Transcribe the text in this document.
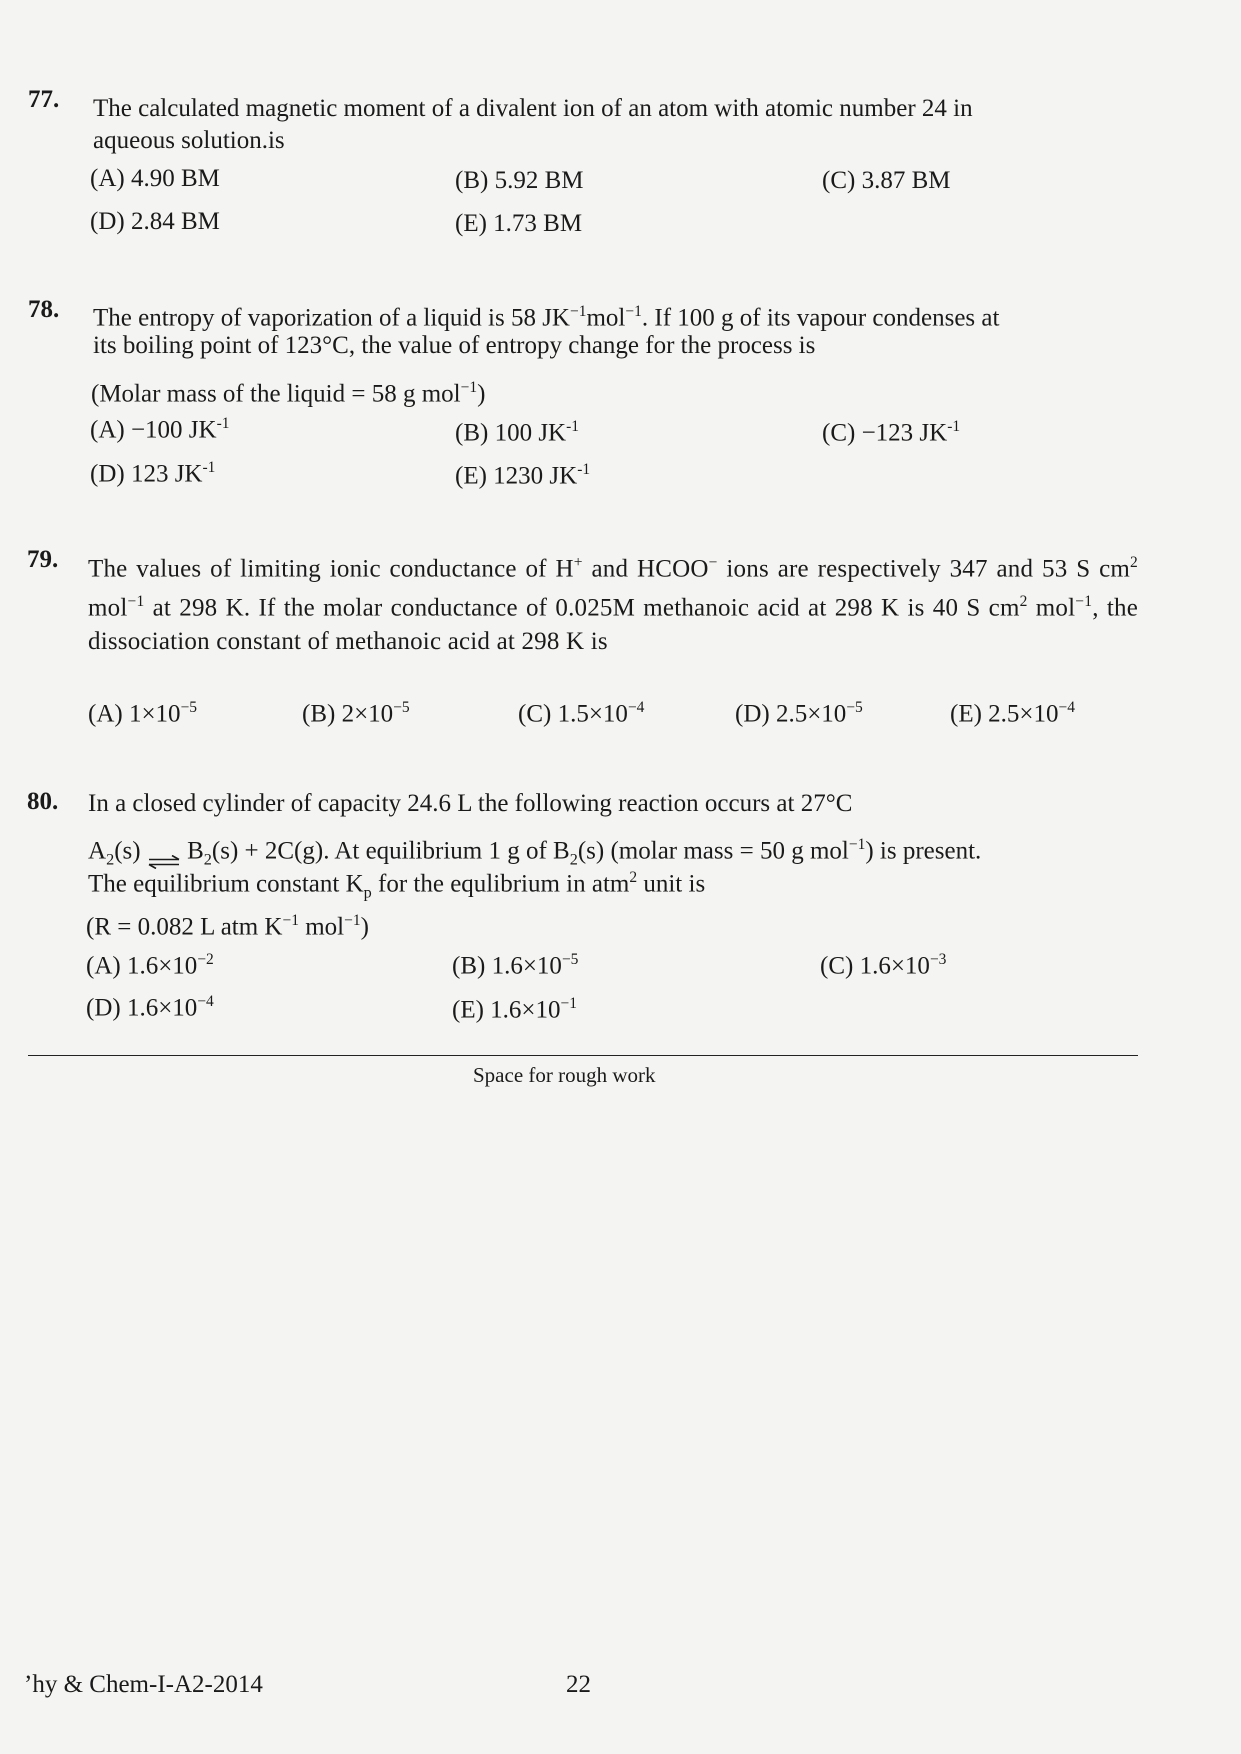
77. The calculated magnetic moment of a divalent ion of an atom with atomic number 24 in
aqueous solution.is
(A) 4.90 BM	(B) 5.92 BM	(C) 3.87 BM
(D) 2.84 BM	(E) 1.73 BM
78. The entropy of vaporization of a liquid is 58 $JK^{-1}mol^{-1}$. If 100 g of its vapour condenses at
its boiling point of 123°C, the value of entropy change for the process is
(Molar mass of the liquid = 58 g mol$^{-1}$)
(A) −100 $JK^{-1}$	(B) 100 $JK^{-1}$	(C) −123 $JK^{-1}$
(D) 123 $JK^{-1}$	(E) 1230 $JK^{-1}$
79. The values of limiting ionic conductance of H+ and HCOO− ions are respectively 347 and 53 S $cm^2$ mol$^{-1}$ at 298 K. If the molar conductance of 0.025M methanoic acid at 298 K is 40 S $cm^2$ mol$^{-1}$, the dissociation constant of methanoic acid at 298 K is
(A) $1\times 10^{-5}$	(B) $2\times 10^{-5}$	(C) $1.5\times 10^{-4}$	(D) $2.5\times 10^{-5}$	(E) $2.5\times 10^{-4}$
80. In a closed cylinder of capacity 24.6 L the following reaction occurs at 27°C
$A_2(s)$ ⇌ $B_2(s) + 2C(g)$. At equilibrium 1 g of $B_2(s)$ (molar mass = 50 g mol$^{-1}$) is present.
The equilibrium constant $K_p$ for the equlibrium in atm$^2$ unit is
(R = 0.082 L atm $K^{-1}$ mol$^{-1}$)
(A) $1.6\times 10^{-2}$	(B) $1.6\times 10^{-5}$	(C) $1.6\times 10^{-3}$
(D) $1.6\times 10^{-4}$	(E) $1.6\times 10^{-1}$
Space for rough work
’hy & Chem-I-A2-2014	22
